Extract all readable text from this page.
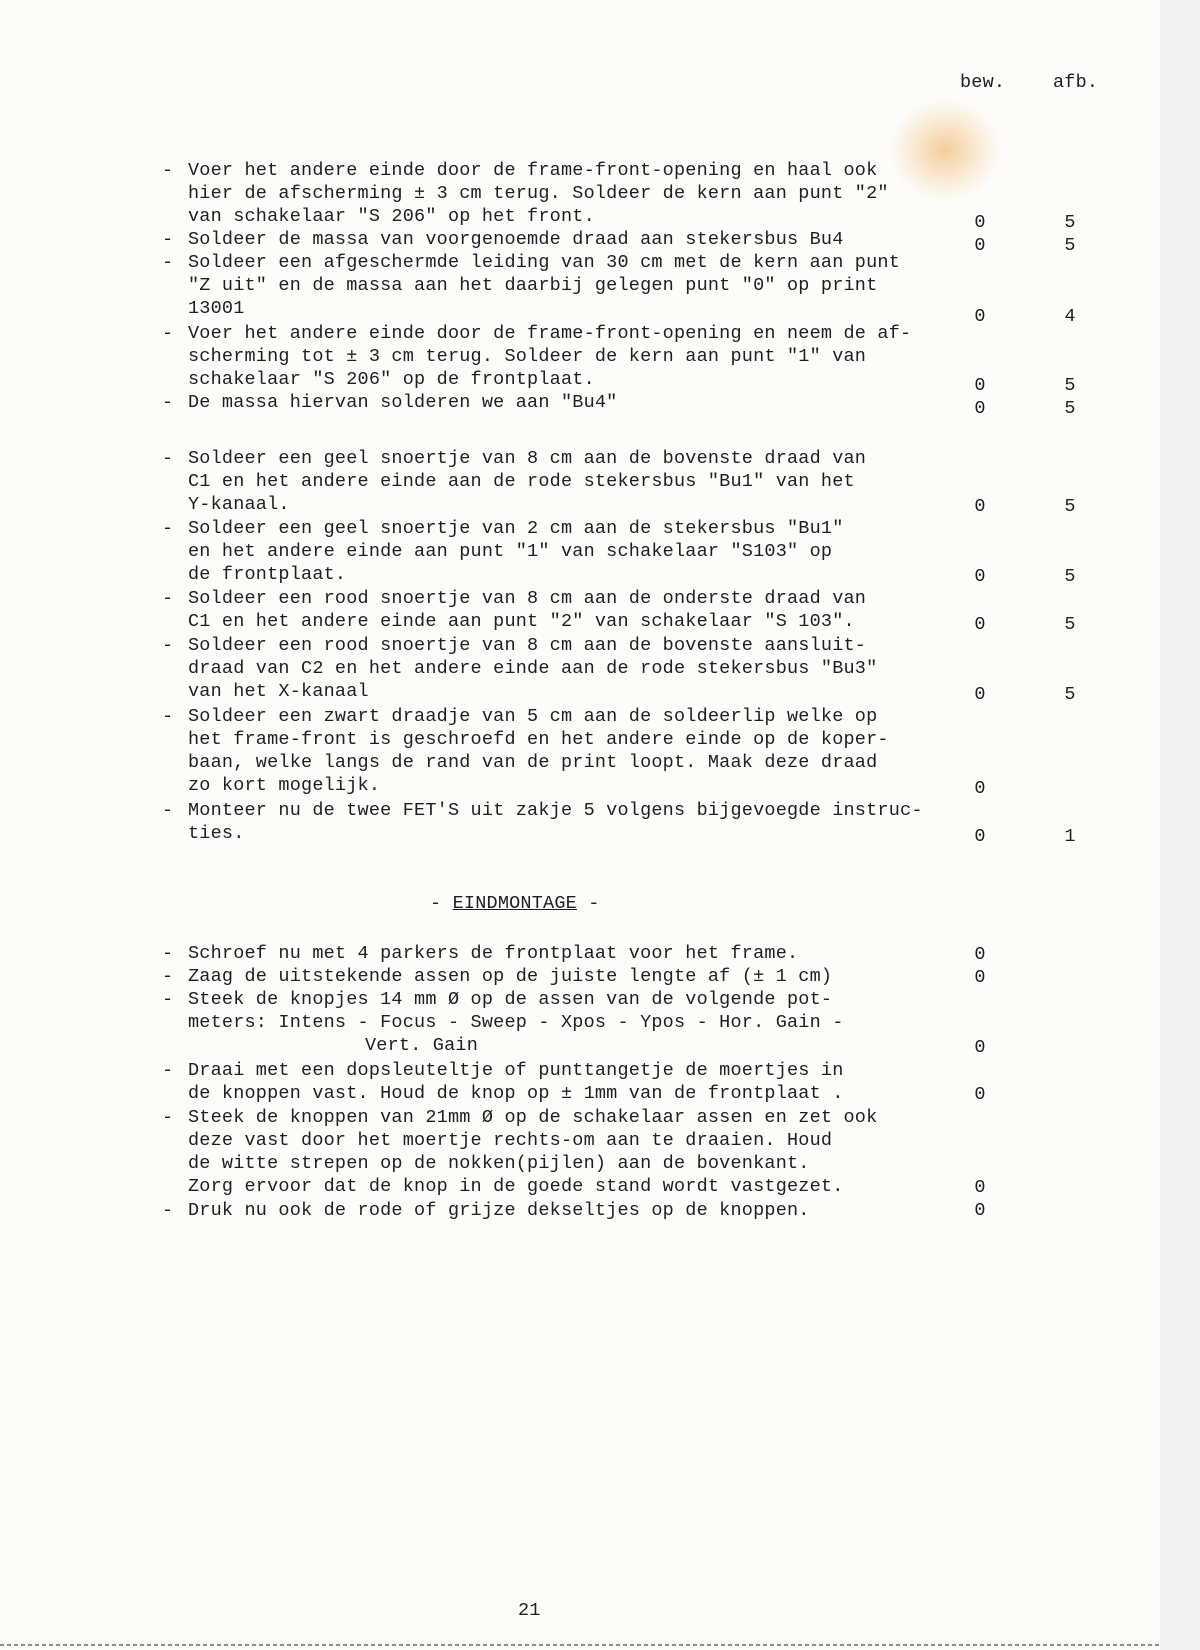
bew.	afb.
- Voer het andere einde door de frame-front-opening en haal ook
hier de afscherming ± 3 cm terug. Soldeer de kern aan punt "2"
van schakelaar "S 206" op het front.	0	5
- Soldeer de massa van voorgenoemde draad aan stekersbus Bu4	0	5
- Soldeer een afgeschermde leiding van 30 cm met de kern aan punt
"Z uit" en de massa aan het daarbij gelegen punt "0" op print
13001	0	4
- Voer het andere einde door de frame-front-opening en neem de af-
scherming tot ± 3 cm terug. Soldeer de kern aan punt "1" van
schakelaar "S 206" op de frontplaat.	0	5
- De massa hiervan solderen we aan "Bu4"	0	5
- Soldeer een geel snoertje van 8 cm aan de bovenste draad van
C1 en het andere einde aan de rode stekersbus "Bu1" van het
Y-kanaal.	0	5
- Soldeer een geel snoertje van 2 cm aan de stekersbus "Bu1"
en het andere einde aan punt "1" van schakelaar "S103" op
de frontplaat.	0	5
- Soldeer een rood snoertje van 8 cm aan de onderste draad van
C1 en het andere einde aan punt "2" van schakelaar "S 103".	0	5
- Soldeer een rood snoertje van 8 cm aan de bovenste aansluit-
draad van C2 en het andere einde aan de rode stekersbus "Bu3"
van het X-kanaal	0	5
- Soldeer een zwart draadje van 5 cm aan de soldeerlip welke op
het frame-front is geschroefd en het andere einde op de koper-
baan, welke langs de rand van de print loopt. Maak deze draad
zo kort mogelijk.	0
- Monteer nu de twee FET'S uit zakje 5 volgens bijgevoegde instruc-
ties.	0	1
- EINDMONTAGE -
- Schroef nu met 4 parkers de frontplaat voor het frame.	0
- Zaag de uitstekende assen op de juiste lengte af (± 1 cm)	0
- Steek de knopjes 14 mm Ø op de assen van de volgende pot-
meters: Intens - Focus - Sweep - Xpos - Ypos - Hor. Gain -
Vert. Gain	0
- Draai met een dopsleuteltje of punttangetje de moertjes in
de knoppen vast. Houd de knop op ± 1mm van de frontplaat .	0
- Steek de knoppen van 21mm Ø op de schakelaar assen en zet ook
deze vast door het moertje rechts-om aan te draaien. Houd
de witte strepen op de nokken(pijlen) aan de bovenkant.
Zorg ervoor dat de knop in de goede stand wordt vastgezet.	0
- Druk nu ook de rode of grijze dekseltjes op de knoppen.	0
21
